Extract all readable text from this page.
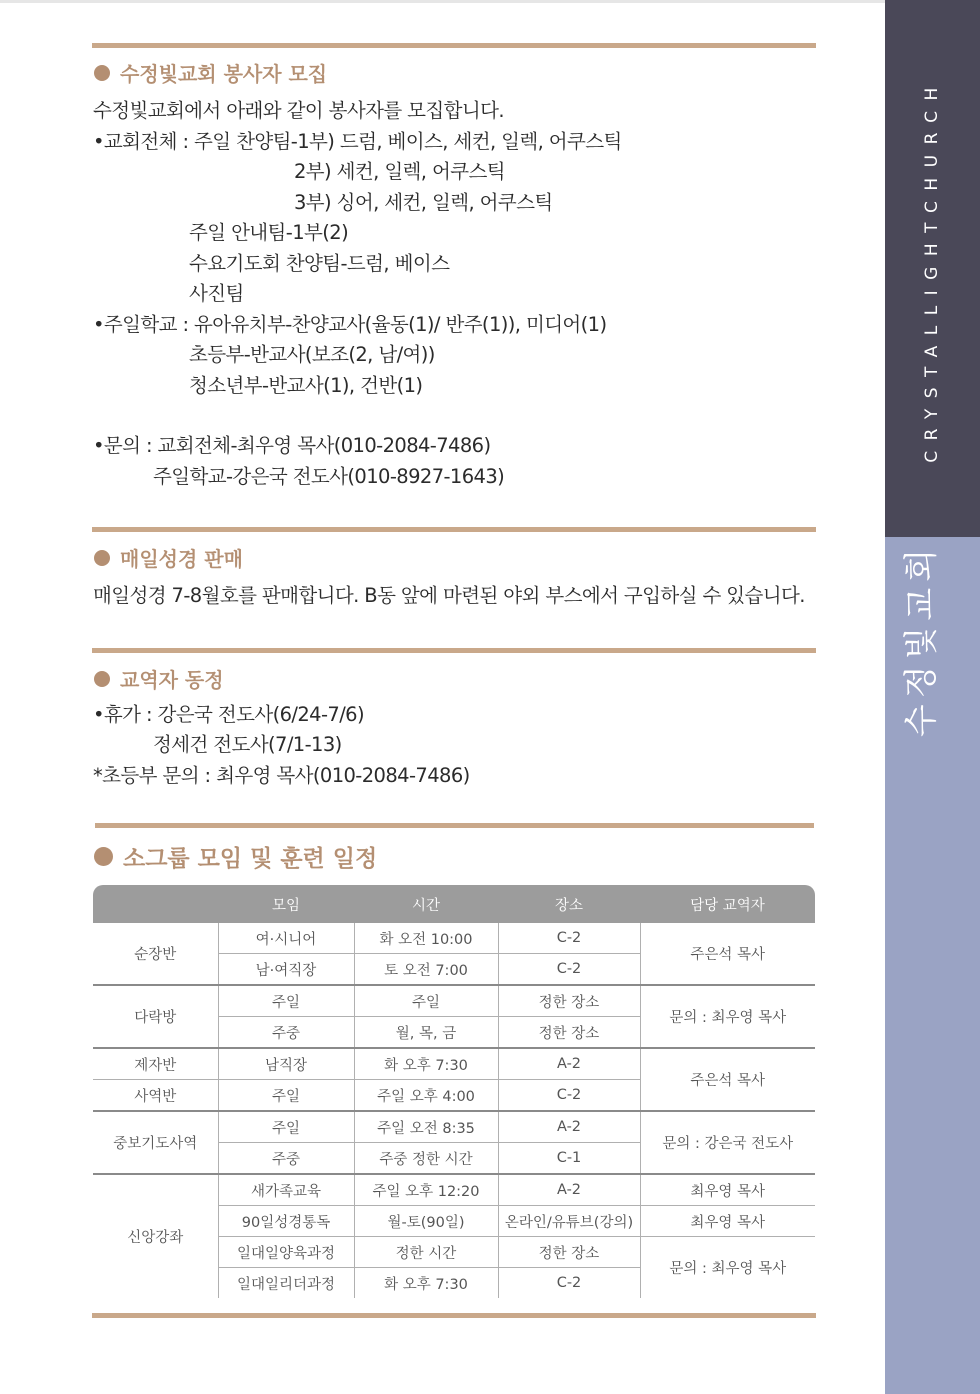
CRYSTALLIGHTCHURCH
수정빛교회
수정빛교회 봉사자 모집
수정빛교회에서 아래와 같이 봉사자를 모집합니다.
•교회전체 : 주일 찬양팀-1부) 드럼, 베이스, 세컨, 일렉, 어쿠스틱
2부) 세컨, 일렉, 어쿠스틱
3부) 싱어, 세컨, 일렉, 어쿠스틱
주일 안내팀-1부(2)
수요기도회 찬양팀-드럼, 베이스
사진팀
•주일학교 : 유아유치부-찬양교사(율동(1)/ 반주(1)), 미디어(1)
초등부-반교사(보조(2, 남/여))
청소년부-반교사(1), 건반(1)
•문의 : 교회전체-최우영 목사(010-2084-7486)
주일학교-강은국 전도사(010-8927-1643)
매일성경 판매
매일성경 7-8월호를 판매합니다. B동 앞에 마련된 야외 부스에서 구입하실 수 있습니다.
교역자 동정
•휴가 : 강은국 전도사(6/24-7/6)
정세건 전도사(7/1-13)
*초등부 문의 : 최우영 목사(010-2084-7486)
소그룹 모임 및 훈련 일정
	모임	시간	장소	담당 교역자
순장반	여·시니어	화 오전 10:00	C-2	주은석 목사
	남·여직장	토 오전 7:00	C-2	
다락방	주일	주일	정한 장소	문의 : 최우영 목사
	주중	월, 목, 금	정한 장소	
제자반	남직장	화 오후 7:30	A-2	주은석 목사
사역반	주일	주일 오후 4:00	C-2	
중보기도사역	주일	주일 오전 8:35	A-2	문의 : 강은국 전도사
	주중	주중 정한 시간	C-1	
신앙강좌	새가족교육	주일 오후 12:20	A-2	최우영 목사
	90일성경통독	월-토(90일)	온라인/유튜브(강의)	최우영 목사
	일대일양육과정	정한 시간	정한 장소	문의 : 최우영 목사
	일대일리더과정	화 오후 7:30	C-2	
